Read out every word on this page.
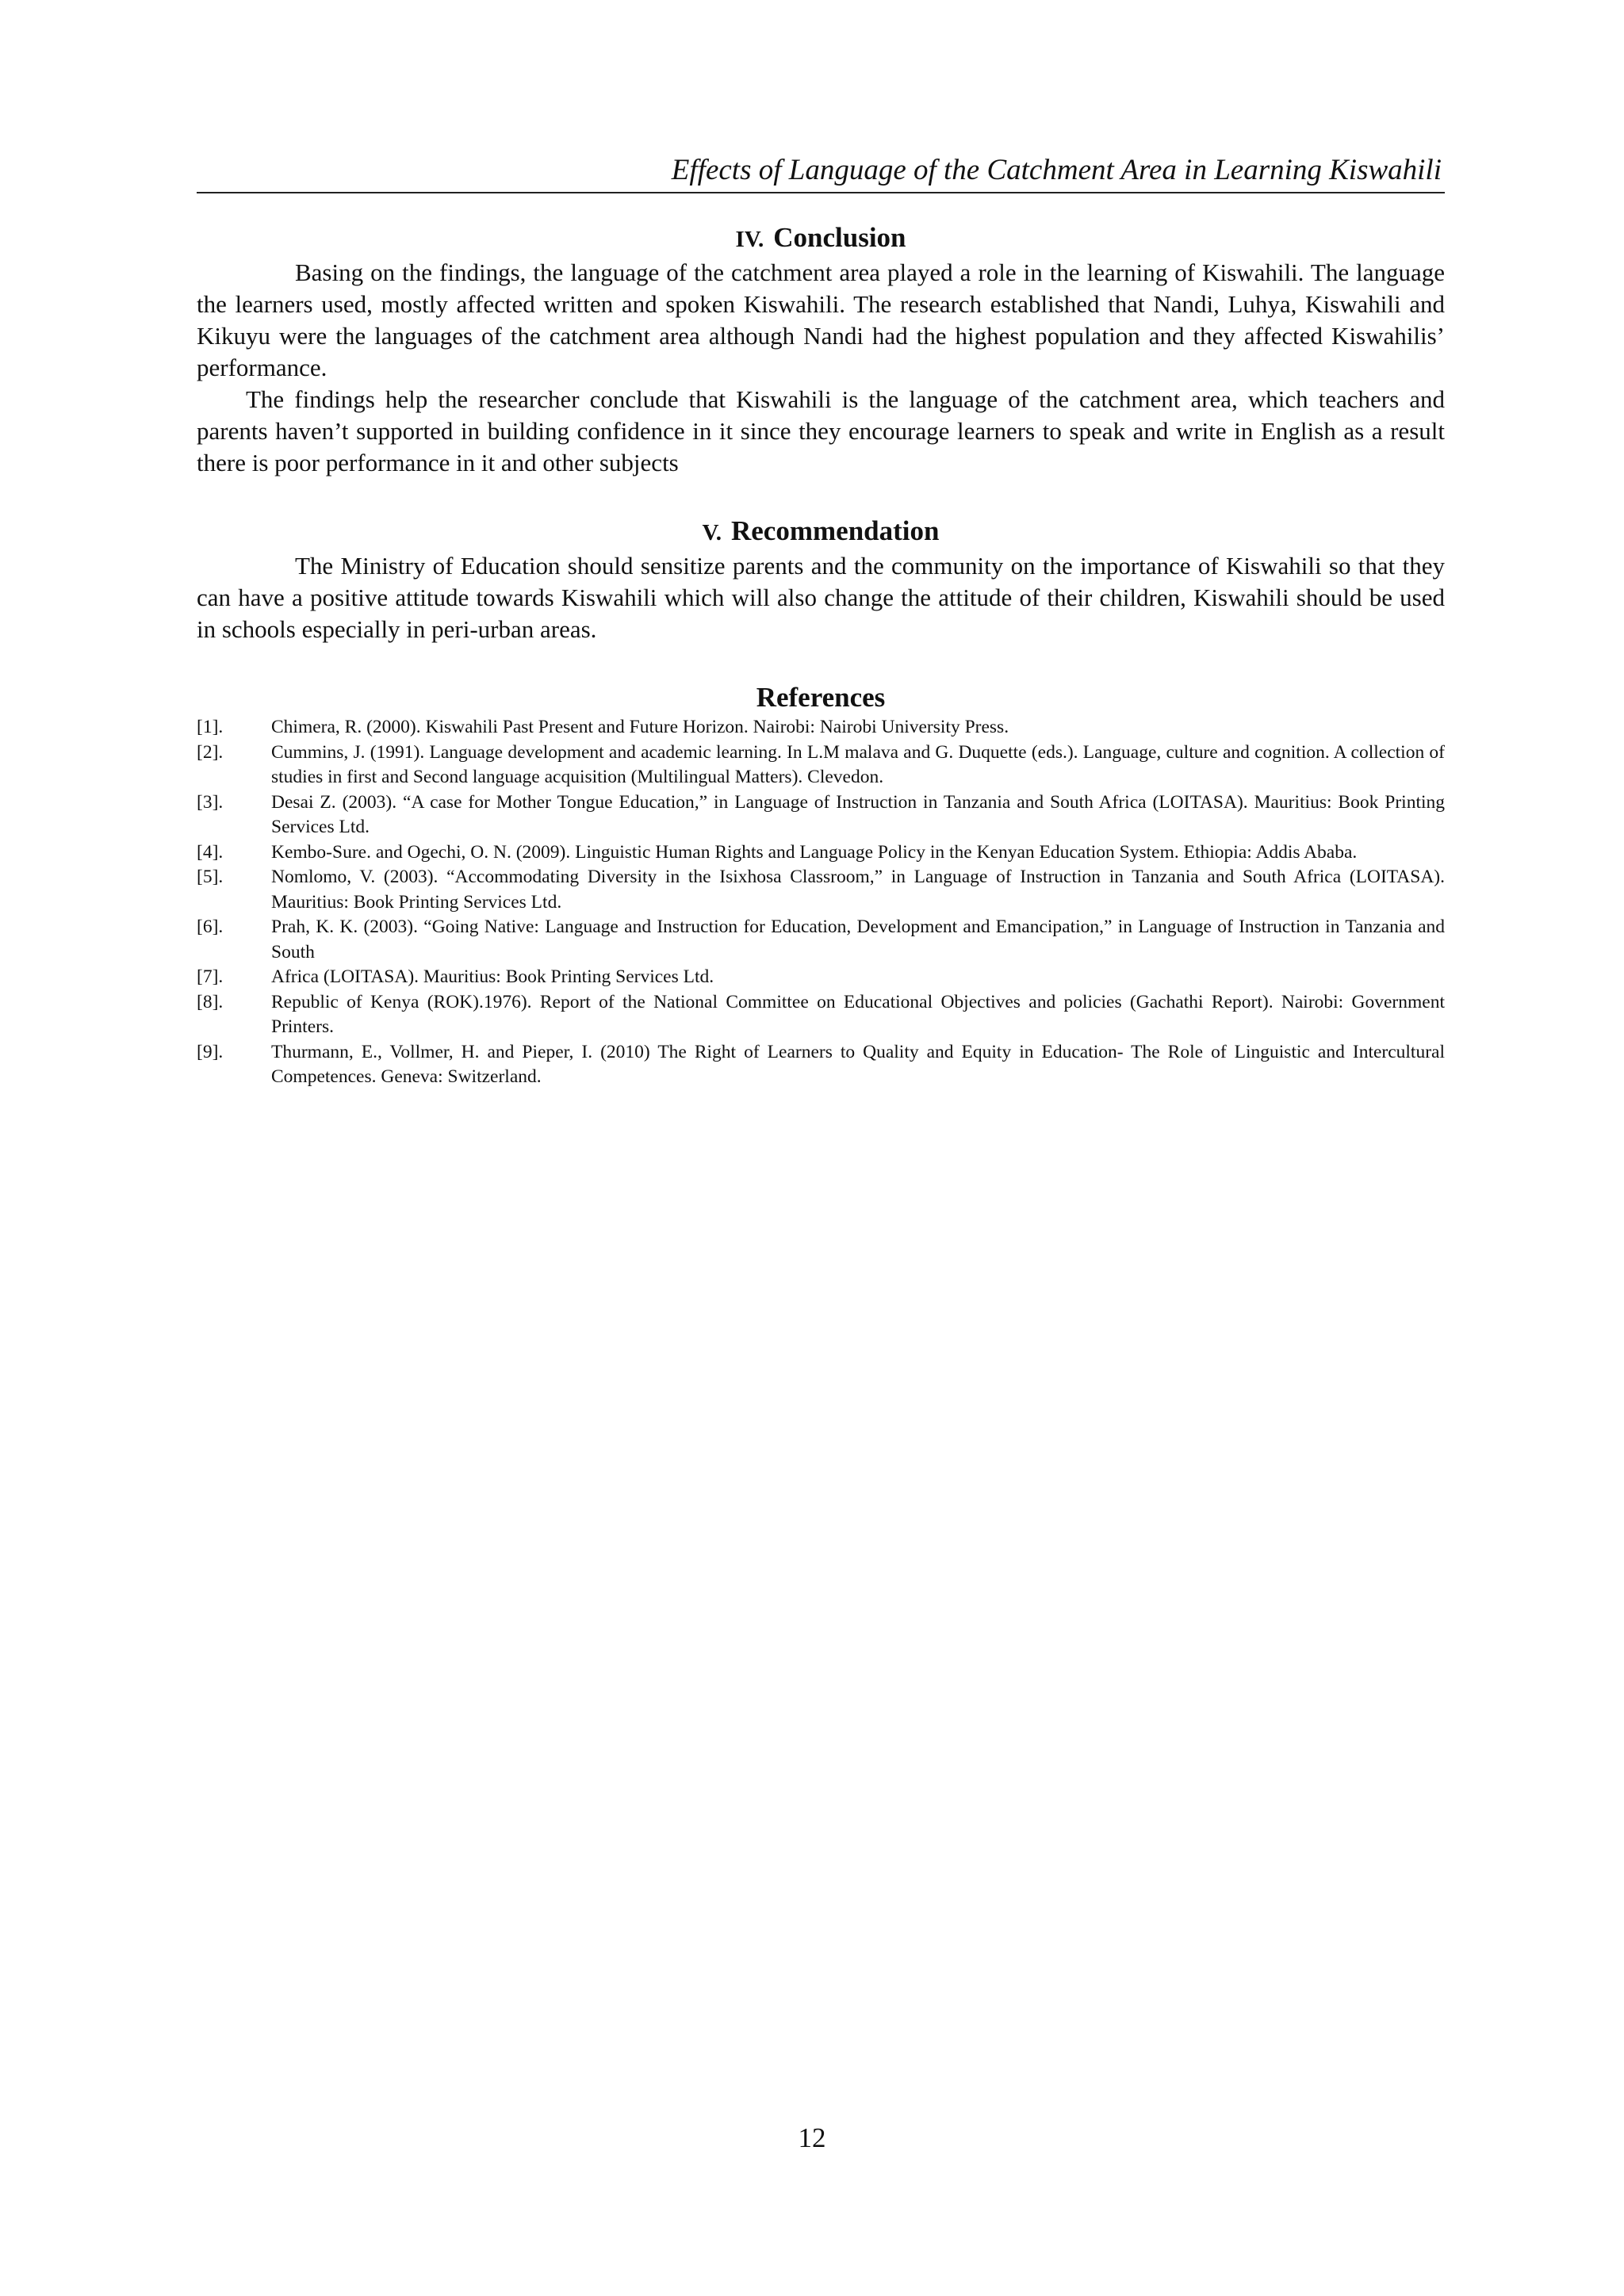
Effects of Language of the Catchment Area in Learning Kiswahili
IV. Conclusion

Basing on the findings, the language of the catchment area played a role in the learning of Kiswahili. The language the learners used, mostly affected written and spoken Kiswahili. The research established that Nandi, Luhya, Kiswahili and Kikuyu were the languages of the catchment area although Nandi had the highest population and they affected Kiswahilis’ performance.

The findings help the researcher conclude that Kiswahili is the language of the catchment area, which teachers and parents haven’t supported in building confidence in it since they encourage learners to speak and write in English as a result there is poor performance in it and other subjects

V. Recommendation

The Ministry of Education should sensitize parents and the community on the importance of Kiswahili so that they can have a positive attitude towards Kiswahili which will also change the attitude of their children, Kiswahili should be used in schools especially in peri-urban areas.

References
[1].	Chimera, R. (2000). Kiswahili Past Present and Future Horizon. Nairobi: Nairobi University Press.
[2].	Cummins, J. (1991). Language development and academic learning. In L.M malava and G. Duquette (eds.). Language, culture and cognition. A collection of studies in first and Second language acquisition (Multilingual Matters). Clevedon.
[3].	Desai Z. (2003). “A case for Mother Tongue Education,” in Language of Instruction in Tanzania and South Africa (LOITASA). Mauritius: Book Printing Services Ltd.
[4].	Kembo-Sure. and Ogechi, O. N. (2009). Linguistic Human Rights and Language Policy in the Kenyan Education System. Ethiopia: Addis Ababa.
[5].	Nomlomo, V. (2003). “Accommodating Diversity in the Isixhosa Classroom,” in Language of Instruction in Tanzania and South Africa (LOITASA). Mauritius: Book Printing Services Ltd.
[6].	Prah, K. K. (2003). “Going Native: Language and Instruction for Education, Development and Emancipation,” in Language of Instruction in Tanzania and South
[7].	Africa (LOITASA). Mauritius: Book Printing Services Ltd.
[8].	Republic of Kenya (ROK).1976). Report of the National Committee on Educational Objectives and policies (Gachathi Report). Nairobi: Government Printers.
[9].	Thurmann, E., Vollmer, H. and Pieper, I. (2010) The Right of Learners to Quality and Equity in Education- The Role of Linguistic and Intercultural Competences. Geneva: Switzerland.
12
